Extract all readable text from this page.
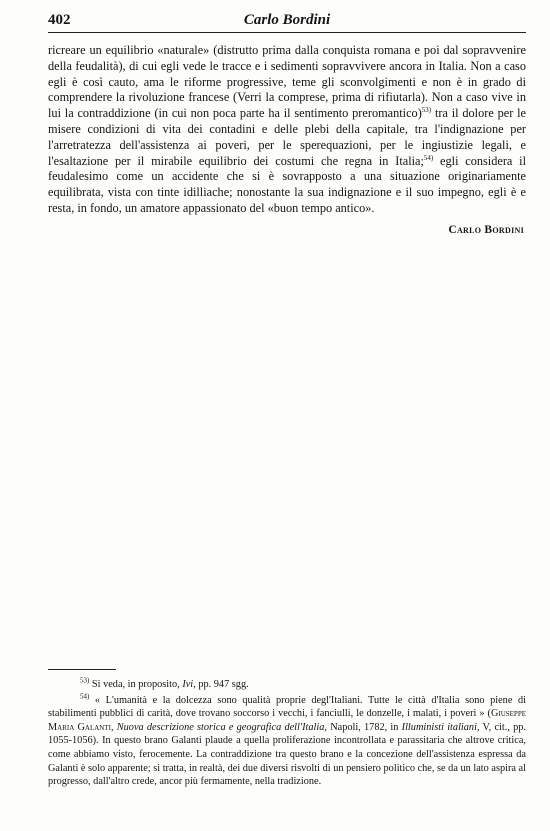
402	Carlo Bordini

ricreare un equilibrio «naturale» (distrutto prima dalla conquista romana e poi dal sopravvenire della feudalità), di cui egli vede le tracce e i sedimenti sopravvivere ancora in Italia. Non a caso egli è così cauto, ama le riforme progressive, teme gli sconvolgimenti e non è in grado di comprendere la rivoluzione francese (Verri la comprese, prima di rifiutarla). Non a caso vive in lui la contraddizione (in cui non poca parte ha il sentimento preromantico)$^{53)}$ tra il dolore per le misere condizioni di vita dei contadini e delle plebi della capitale, tra l'indignazione per l'arretratezza dell'assistenza ai poveri, per le sperequazioni, per le ingiustizie legali, e l'esaltazione per il mirabile equilibrio dei costumi che regna in Italia;$^{54)}$ egli considera il feudalesimo come un accidente che si è sovrapposto a una situazione originariamente equilibrata, vista con tinte idilliache; nonostante la sua indignazione e il suo impegno, egli è e resta, in fondo, un amatore appassionato del «buon tempo antico».

Carlo Bordini

$^{53)}$ Si veda, in proposito, Ivi, pp. 947 sgg.

$^{54)}$ « L'umanità e la dolcezza sono qualità proprie degl'Italiani. Tutte le città d'Italia sono piene di stabilimenti pubblici di carità, dove trovano soccorso i vecchi, i fanciulli, le donzelle, i malati, i poveri » (Giuseppe Maria Galanti, Nuova descrizione storica e geografica dell'Italia, Napoli, 1782, in Illuministi italiani, V, cit., pp. 1055-1056). In questo brano Galanti plaude a quella proliferazione incontrollata e parassitaria che altrove critica, come abbiamo visto, ferocemente. La contraddizione tra questo brano e la concezione dell'assistenza espressa da Galanti è solo apparente; si tratta, in realtà, dei due diversi risvolti di un pensiero politico che, se da un lato aspira al progresso, dall'altro crede, ancor più fermamente, nella tradizione.
